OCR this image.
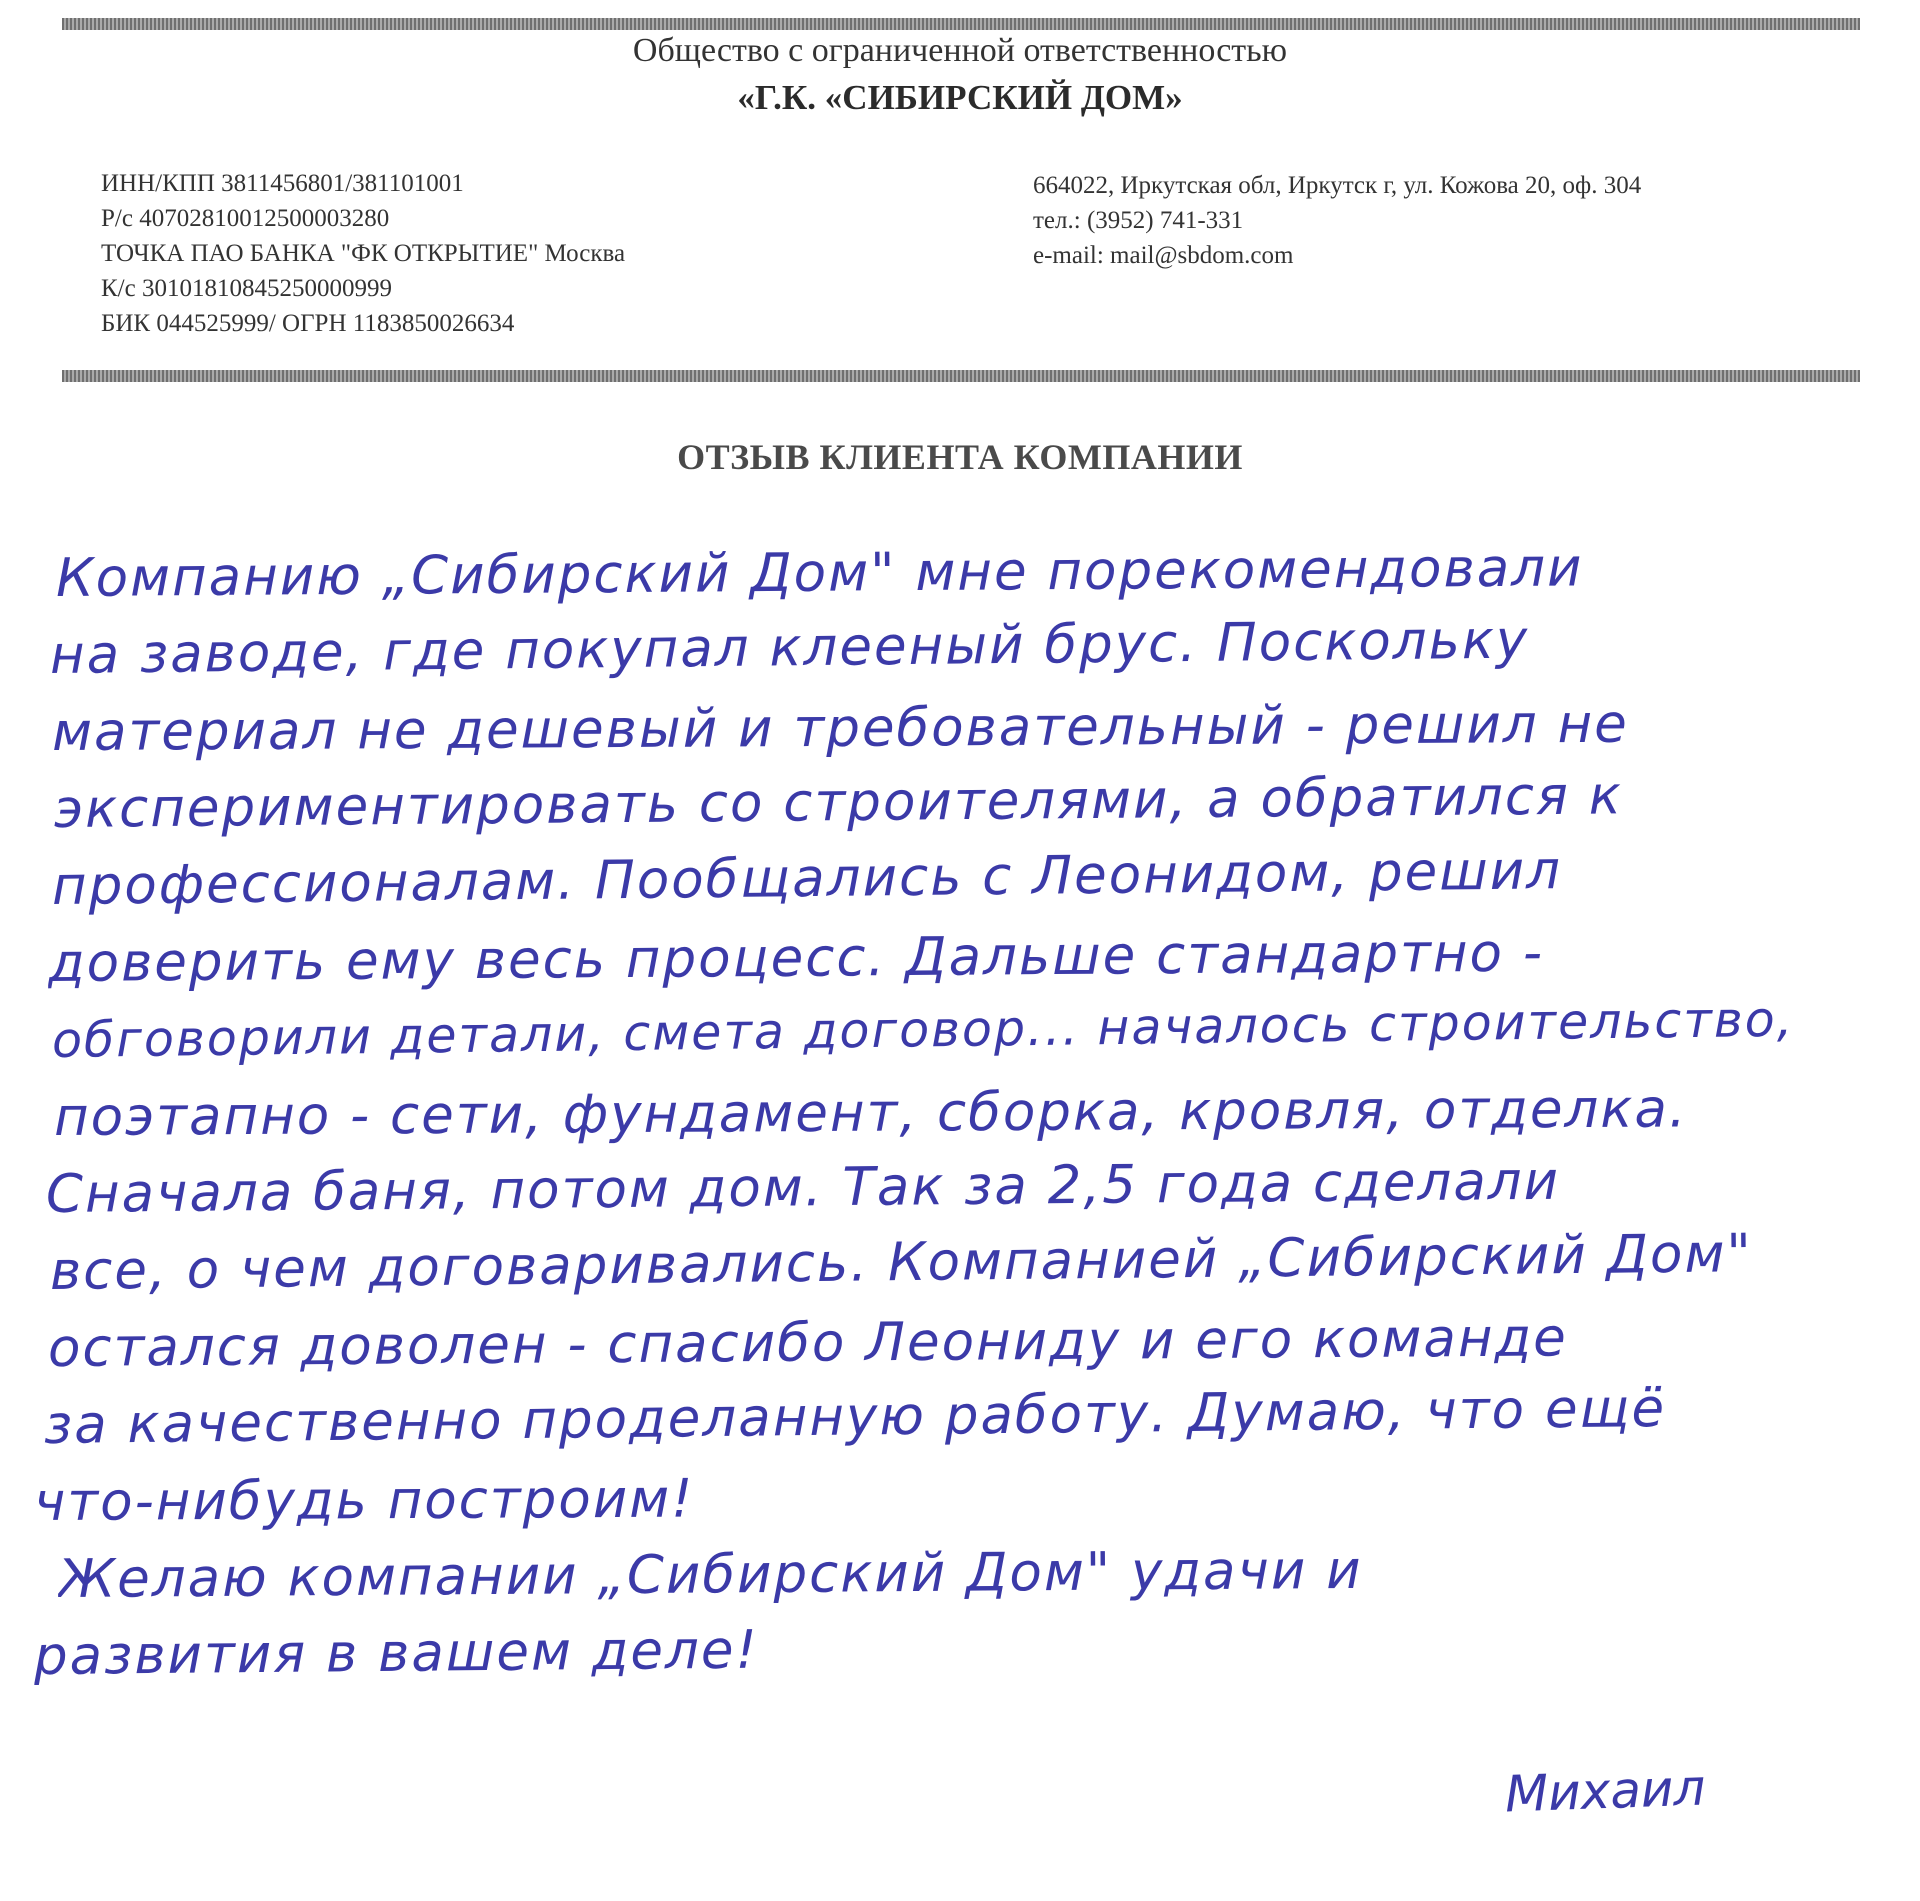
Общество с ограниченной ответственностью
«Г.К. «СИБИРСКИЙ ДОМ»
ИНН/КПП 3811456801/381101001
Р/с 40702810012500003280
ТОЧКА ПАО БАНКА "ФК ОТКРЫТИЕ" Москва
К/с 30101810845250000999
БИК 044525999/ ОГРН 1183850026634
664022, Иркутская обл, Иркутск г, ул. Кожова 20, оф. 304
тел.: (3952) 741-331
e-mail: mail@sbdom.com
ОТЗЫВ КЛИЕНТА КОМПАНИИ
Компанию „Сибирский Дом" мне порекомендовали
на заводе, где покупал клееный брус. Поскольку
материал не дешевый и требовательный - решил не
экспериментировать со строителями, а обратился к
профессионалам. Пообщались с Леонидом, решил
доверить ему весь процесс. Дальше стандартно -
обговорили детали, смета договор... началось строительство,
поэтапно - сети, фундамент, сборка, кровля, отделка.
Сначала баня, потом дом. Так за 2,5 года сделали
все, о чем договаривались. Компанией „Сибирский Дом"
остался доволен - спасибо Леониду и его команде
за качественно проделанную работу. Думаю, что ещё
что-нибудь построим!
Желаю компании „Сибирский Дом" удачи и
развития в вашем деле!
Михаил
